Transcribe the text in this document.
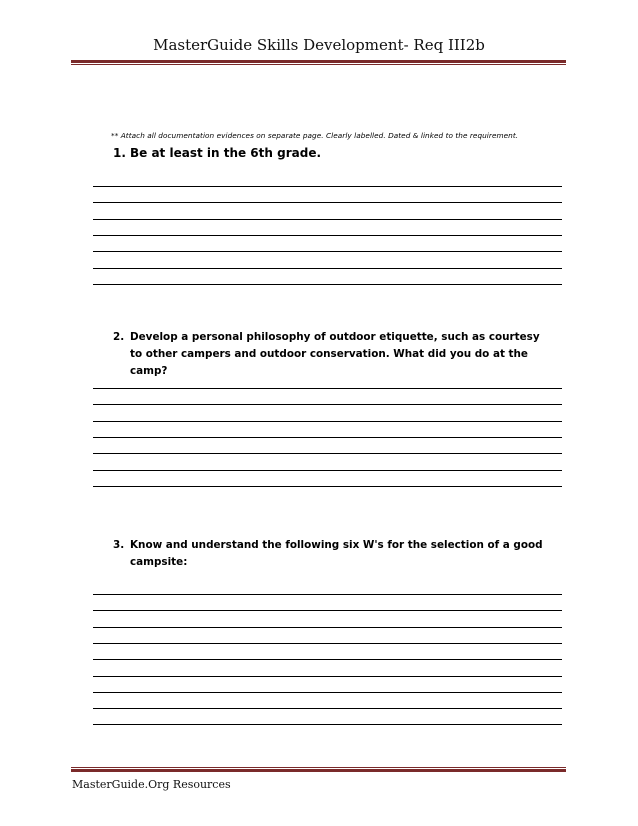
MasterGuide Skills Development- Req III2b
** Attach all documentation evidences on separate page. Clearly labelled. Dated & linked to the requirement.
1. Be at least in the 6th grade.
2. Develop a personal philosophy of outdoor etiquette, such as courtesy to other campers and outdoor conservation. What did you do at the camp?
3. Know and understand the following six W's for the selection of a good campsite:
MasterGuide.Org Resources
